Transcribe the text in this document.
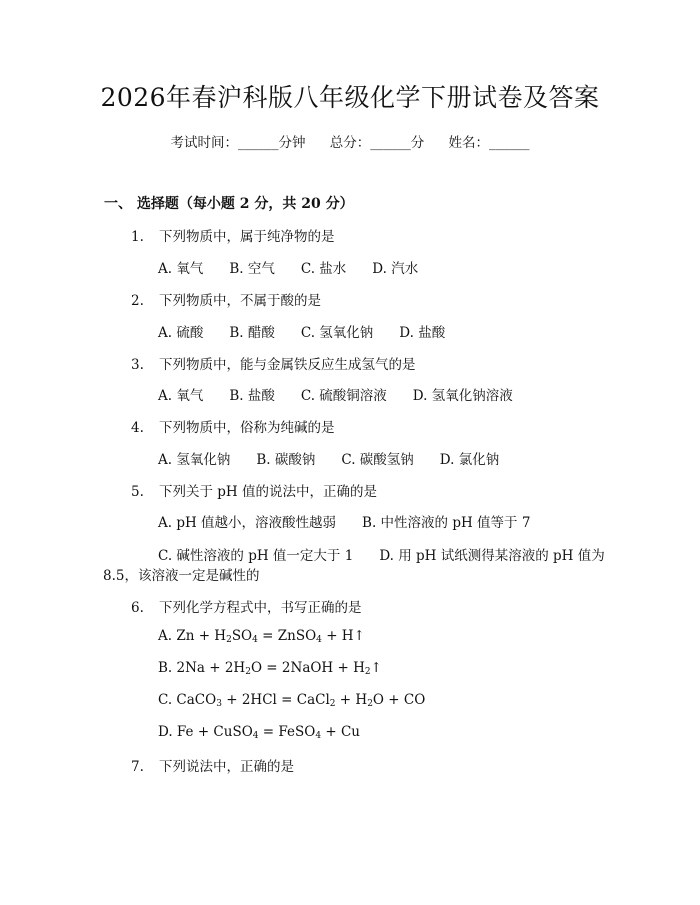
2026年春沪科版八年级化学下册试卷及答案
考试时间：______分钟 总分：______分 姓名：______
一、 选择题（每小题 2 分，共 20 分）
1. 下列物质中，属于纯净物的是
A. 氧气 B. 空气 C. 盐水 D. 汽水
2. 下列物质中，不属于酸的是
A. 硫酸 B. 醋酸 C. 氢氧化钠 D. 盐酸
3. 下列物质中，能与金属铁反应生成氢气的是
A. 氧气 B. 盐酸 C. 硫酸铜溶液 D. 氢氧化钠溶液
4. 下列物质中，俗称为纯碱的是
A. 氢氧化钠 B. 碳酸钠 C. 碳酸氢钠 D. 氯化钠
5. 下列关于 pH 值的说法中，正确的是
A. pH 值越小，溶液酸性越弱 B. 中性溶液的 pH 值等于 7
C. 碱性溶液的 pH 值一定大于 1 D. 用 pH 试纸测得某溶液的 pH 值为
8.5，该溶液一定是碱性的
6. 下列化学方程式中，书写正确的是
A. $Zn + H_2SO_4$ = ZnSO$_4$ + H↑
B. $2Na + 2H_2O$ = 2NaOH + $H_2↑$
C. CaCO$_3$ + 2HCl = CaCl$_2$ + $H_2O$ + CO
D. Fe + CuSO$_4$ = FeSO$_4$ + Cu
7. 下列说法中，正确的是
